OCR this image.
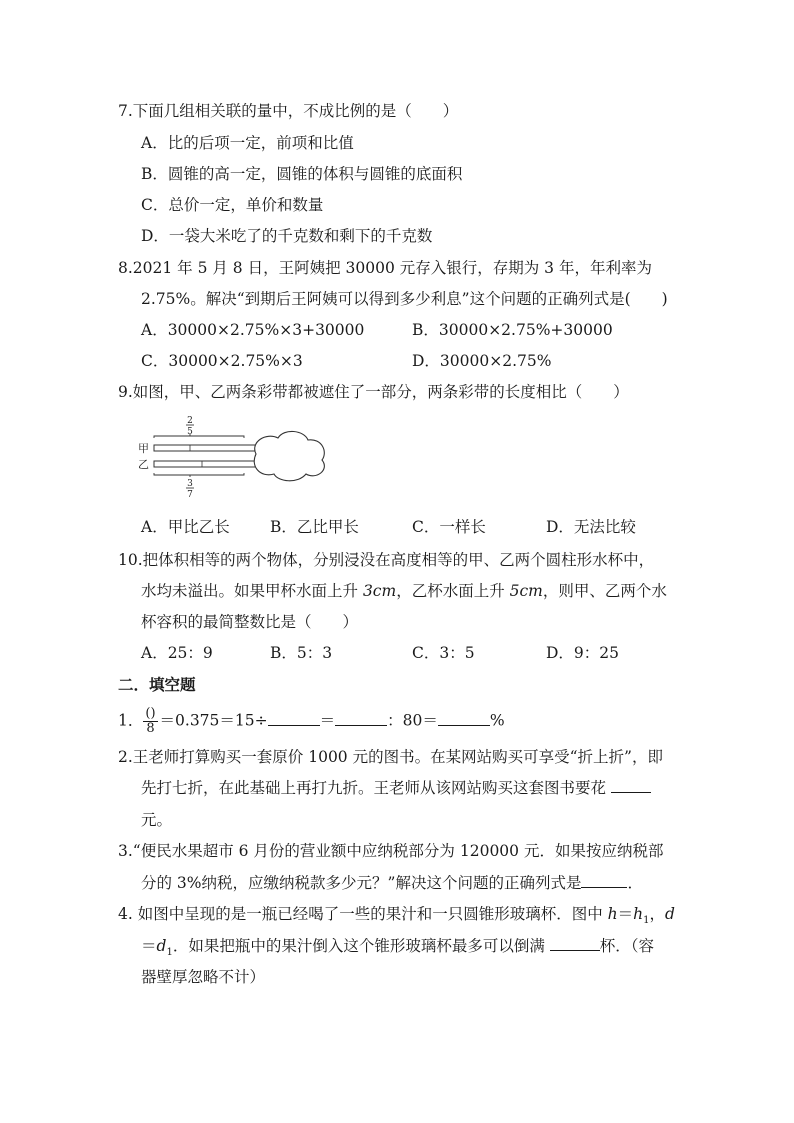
7.下面几组相关联的量中，不成比例的是（　　）
A．比的后项一定，前项和比值
B．圆锥的高一定，圆锥的体积与圆锥的底面积
C．总价一定，单价和数量
D．一袋大米吃了的千克数和剩下的千克数
8.2021 年 5 月 8 日，王阿姨把 30000 元存入银行，存期为 3 年，年利率为
2.75%。解决“到期后王阿姨可以得到多少利息”这个问题的正确列式是(　　)
A．30000×2.75%×3+30000	B．30000×2.75%+30000
C．30000×2.75%×3	D．30000×2.75%
9.如图，甲、乙两条彩带都被遮住了一部分，两条彩带的长度相比（　　）
2
5
甲
乙
3
7
A．甲比乙长	B．乙比甲长	C．一样长	D．无法比较
10.把体积相等的两个物体，分别浸没在高度相等的甲、乙两个圆柱形水杯中，
水均未溢出。如果甲杯水面上升 3cm，乙杯水面上升 5cm，则甲、乙两个水
杯容积的最简整数比是（　　）
A．25：9	B．5：3	C．3：5	D．9：25
二．填空题
1． $\frac{()}{8} =0.375=15\div$	＝	：80＝	%
2.王老师打算购买一套原价 1000 元的图书。在某网站购买可享受“折上折”，即
先打七折，在此基础上再打九折。王老师从该网站购买这套图书要花
元。
3.“便民水果超市 6 月份的营业额中应纳税部分为 120000 元．如果按应纳税部
分的 3%纳税，应缴纳税款多少元？”解决这个问题的正确列式是	．
4. 如图中呈现的是一瓶已经喝了一些的果汁和一只圆锥形玻璃杯．图中 $h=h_1$，d
$=d_1$．如果把瓶中的果汁倒入这个锥形玻璃杯最多可以倒满	杯．（容
器壁厚忽略不计）
